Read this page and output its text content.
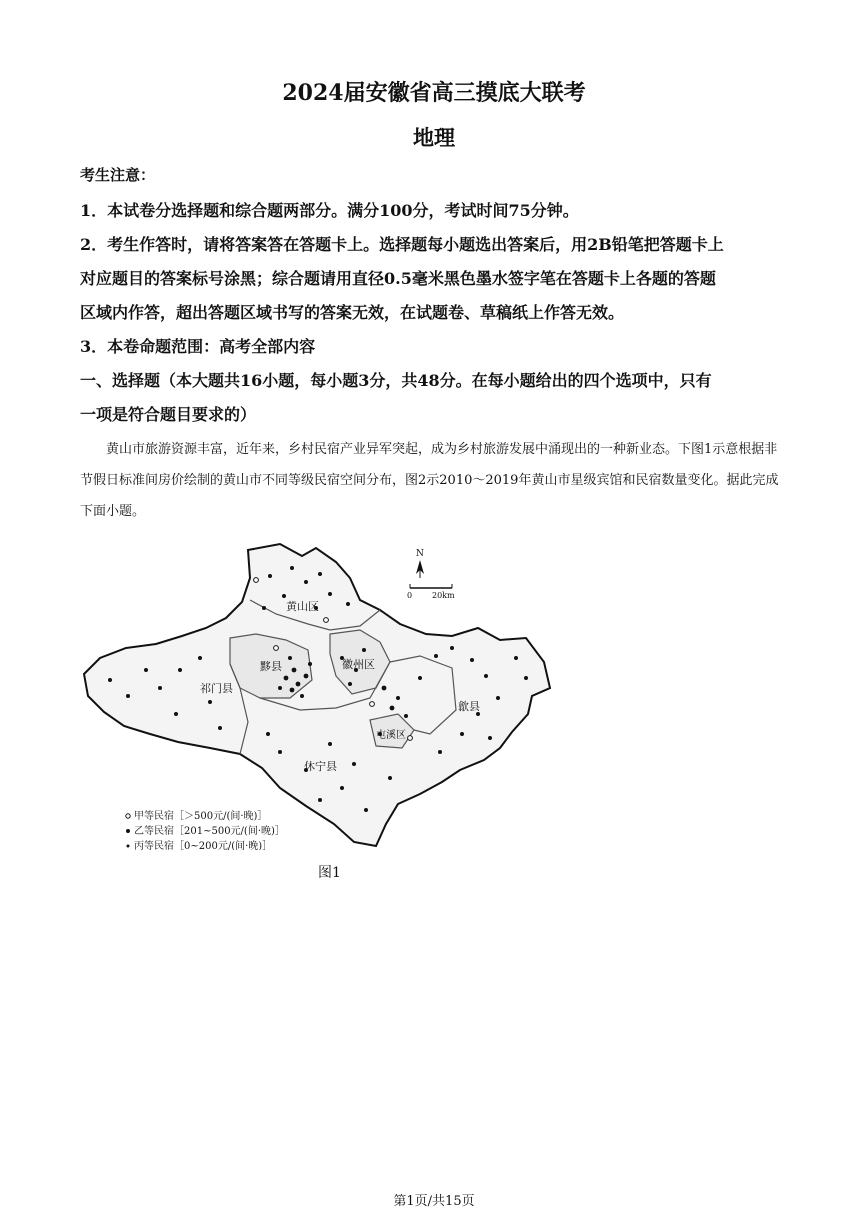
2024届安徽省高三摸底大联考
地理
考生注意：
1．本试卷分选择题和综合题两部分。满分100分，考试时间75分钟。
2．考生作答时，请将答案答在答题卡上。选择题每小题选出答案后，用2B铅笔把答题卡上
对应题目的答案标号涂黑；综合题请用直径0.5毫米黑色墨水签字笔在答题卡上各题的答题
区域内作答，超出答题区域书写的答案无效，在试题卷、草稿纸上作答无效。
3．本卷命题范围：高考全部内容
一、选择题（本大题共16小题，每小题3分，共48分。在每小题给出的四个选项中，只有
一项是符合题目要求的）
黄山市旅游资源丰富，近年来，乡村民宿产业异军突起，成为乡村旅游发展中涌现出的一种新业态。下图1示意根据非节假日标准间房价绘制的黄山市不同等级民宿空间分布，图2示2010～2019年黄山市星级宾馆和民宿数量变化。据此完成下面小题。
黄山区
黟县	徽州区
歙县
祁门县
休宁县
屯溪区
N
0 20km
甲等民宿［＞500元/(间·晚)］
乙等民宿［201~500元/(间·晚)］
丙等民宿［0~200元/(间·晚)］
图1
第1页/共15页
